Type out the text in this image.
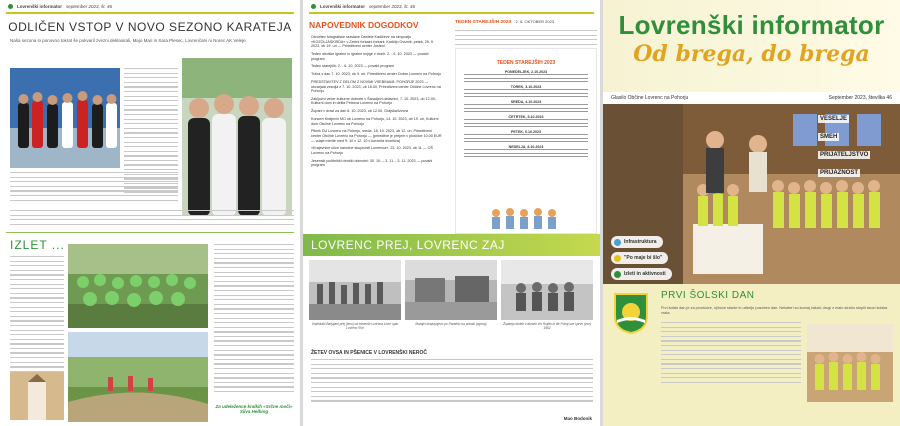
Lovrenški informator september 2023, št. 46
ODLIČEN VSTOP V NOVO SEZONO KARATEJA
Naša sezona in ponovno tokrat še pokvaril zvezni deklasirali, Majo Mari in Sara Plesec, Lovrenčani ni Norec AK Veleje.
IZLET ...
Za udeležence kralkih «Srčne moči»
Silva Helbing
Lovrenški informator september 2023, št. 46
NAPOVEDNIK DOGODKOV
Otvoritev fotografske razstave Daniele Kadiževe na simpoziju »KOZOLJASKISDA« v Zeleni fontaini fontani, Kadžijo Oviznik, petek, 29. 9. 2023, ob 19. uri — Prireditveni center Josfeni
Teden otroške igralne in igralne knjige v dneh: 2. - 6. 10. 2023 — povabi program
Teden starejših: 2. - 6. 10. 2023 — povabi program
Tržna v dan 7. 10. 2023, ob 9. uri, Prireditveni center Dobre Lovrenc na Pohorju
PREDSTAVITEV Z DELOM Z NOVIMI VSEBINAMI: POHORJE 2023 — ukvarjala vesolja z 7. 10. 2023, ob 16.00, Prireditveni center Občine Lovrenc na Pohorju
Zaključni večer kulturne dobrote v Šaradjevi delavnici, 7. 10. 2023, ob 12.00, Kulturni dom in delila Petrova Lovrenc na Pohorju
Župani v dravi za dan 8. 10. 2023, ob 12.00, Grajška/Izvora
Koncert Kraljevin MO ob Lovrenc na Pohorju, 14. 10. 2023, ob 19. uri, Kulturni dom Občine Lovrenc na Pohorju
Piknik DU Lovrenc na Pohorju, sreda, 18. 10. 2023, ob 12. uri, Prireditveni center Občine Lovrenc na Pohorju — (prireditve je prejem v ploščice 10.00 EUR — vdaje merite med 9. 10 v 12. 10 v korzulta dvorišča)
»Krajevnice ulice narodne skupnosti Lovrenca«, 23. 10. 2023, ob 11 — OŠ Lovrenc na Pohorju
Jesenski počitniški otroški dobrotni: 30. 10. – 3. 11. - 3. 11. 2023 — povabi program
TEDEN STAREJŠIH 2023 2. 6. OKTOBER 2023
TEDEN STAREJŠIH 2023
PONEDELJEK, 2.10.2023
TOREK, 3.10.2023
SREDA, 4.10.2023
ČETRTEK, 5.10.2023
PETEK, 6.10.2023
NEDELJA, 8.10.2023
LOVRENC PREJ, LOVRENC ZAJ
Vodnikaki Barjajani prej (levo) ob trimenih Lorevna Lisec uptu Lovrenc Roč
Marajci dvakajujevo po Pandelu na pokaži (zgoraj)	Županja blotek v dkmeb vih Rojtek in de Pokaj sve sprve (vse) 1962
ŽETEV OVSA IN PŠENICE V LOVRENŠKI NEROČ
Mao Bodonik
Lovrenški informator
Od brega, do brega
Glasilo Občine Lovrenc na Pohorju	September 2023, številka 46
VESELJE
SMEH
PRIJATELJSTVO
PRIJAZNOST

Infrastruktura
"Po maje bi šlo"
Izleti in aktivnosti
PRVI ŠOLSKI DAN
Prvi šolski dan je za prvošolce, njihove starše in učitelje poseben dan. Nekateri so komaj čakali, drugi z malo strahu stopili skozi šolska vrata.
